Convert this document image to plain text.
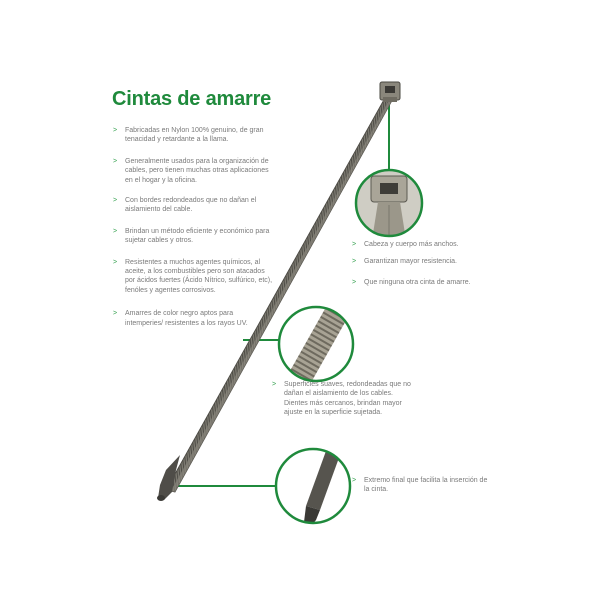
Cintas de amarre
> Fabricadas en Nylon 100% genuino, de gran tenacidad y retardante a la llama.
> Generalmente usados para la organización de cables, pero tienen muchas otras aplicaciones en el hogar y la oficina.
> Con bordes redondeados que no dañan el aislamiento del cable.
> Brindan un método eficiente y económico para sujetar cables y otros.
> Resistentes a muchos agentes químicos, al aceite, a los combustibles pero son atacados por ácidos fuertes (Ácido Nítrico, sulfúrico, etc), fenóles y agentes corrosivos.
> Amarres de color negro aptos para intemperies/ resistentes a los rayos UV.
> Cabeza y cuerpo más anchos.
> Garantizan mayor resistencia.
> Que ninguna otra cinta de amarre.
> Superficies suaves, redondeadas que no dañan el aislamiento de los cables. Dientes más cercanos, brindan mayor ajuste en la superficie sujetada.
> Extremo final que facilita la inserción de la cinta.
